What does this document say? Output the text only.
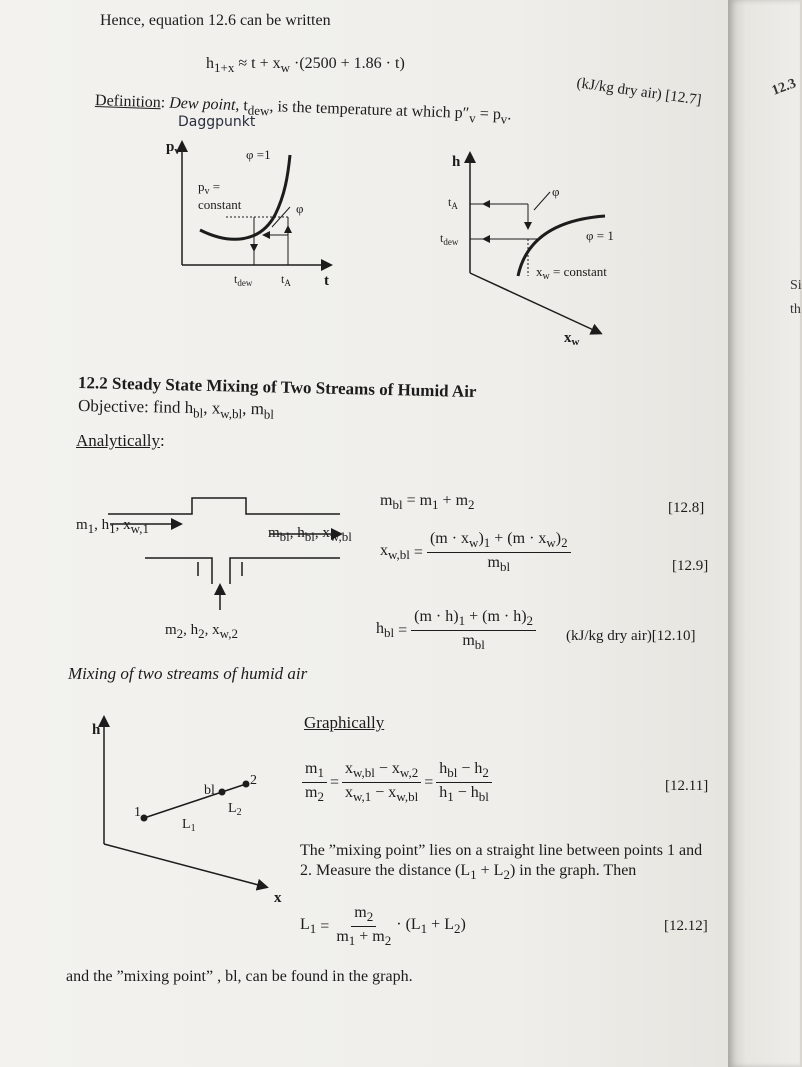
12.3
Si
th
Hence, equation 12.6 can be written
$h_{1+x} \approx t + x_w \cdot(2500 + 1.86 \cdot t)$
(kJ/kg dry air) [12.7]
Definition: Dew point, $t_{dew}$, is the temperature at which $p''_v = p_v$.
Daggpunkt
$p_v$
t
φ =1
$p_v$ =
constant	φ
$t_{dew}$ $t_A$
h
$x_w$
$t_A$
$t_{dew}$
φ
φ = 1
$x_w$ = constant
12.2 Steady State Mixing of Two Streams of Humid Air
Objective: find $h_{bl}$, $x_{w,bl}$, $m_{bl}$
Analytically:
$m_1$, $h_1$, $x_{w,1}$	$m_{bl}$, $h_{bl}$, $x_{w,bl}$
$m_2$, $h_2$, $x_{w,2}$
$m_{bl} = m_1 + m_2$	[12.8]
$x_{w,bl} = \frac{(m \cdot x_w)_1 + (m \cdot x_w)_2}{m_{bl}}$	[12.9]
$h_{bl} = \frac{(m \cdot h)_1 + (m \cdot h)_2}{m_{bl}} (kJ/kg$ dry air)[12.10]
Mixing of two streams of humid air
h
x
1
2
bl
$L_1$
$L_2$
Graphically
$\frac{m_1}{m_2} = \frac{x_{w,bl} - x_{w,2}}{x_{w,1} - x_{w,bl}} = \frac{h_{bl} - h_2}{h_1 - h_{bl}}$	[12.11]
The ”mixing point” lies on a straight line between points 1 and
2. Measure the distance $(L_1 + L_2)$ in the graph. Then
$L_1 = \frac{m_2}{m_1 + m_2} \cdot (L_1 + L_2)$	[12.12]
and the ”mixing point” , bl, can be found in the graph.
